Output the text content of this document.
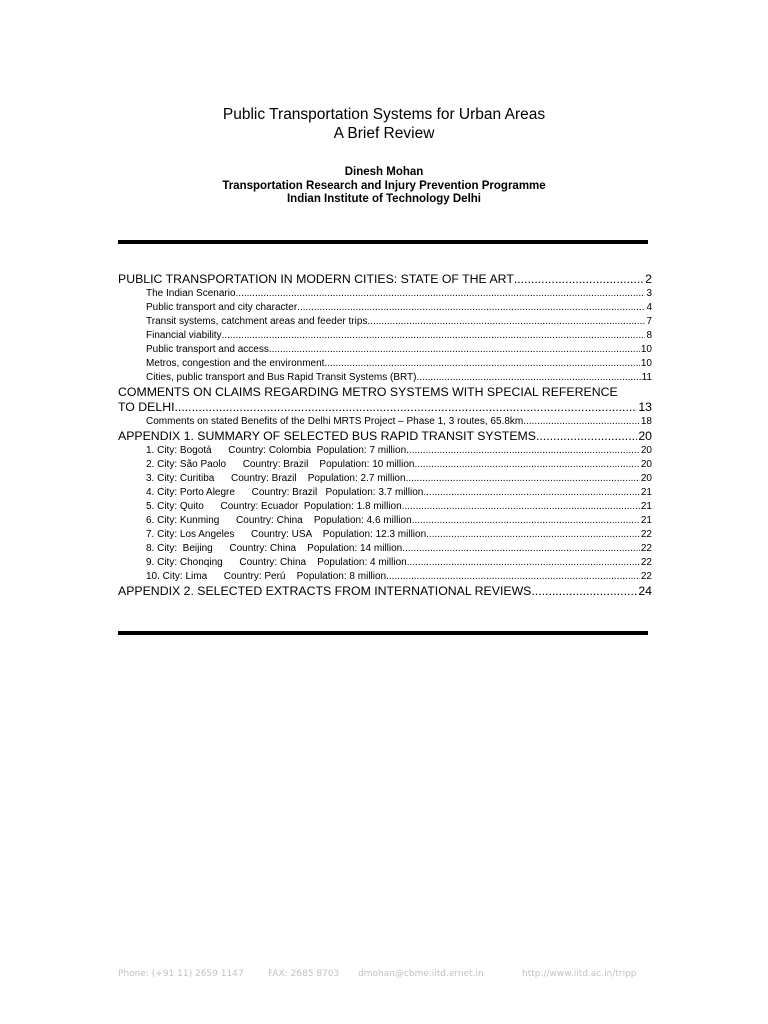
Public Transportation Systems for Urban Areas
A Brief Review
Dinesh Mohan
Transportation Research and Injury Prevention Programme
Indian Institute of Technology Delhi
PUBLIC TRANSPORTATION IN MODERN CITIES: STATE OF THE ART .....	2
The Indian Scenario .....	3
Public transport and city character .....	4
Transit systems, catchment areas and feeder trips .....	7
Financial viability .....	8
Public transport and access .....	10
Metros, congestion and the environment .....	10
Cities, public transport and Bus Rapid Transit Systems (BRT) .....	11
COMMENTS ON CLAIMS REGARDING METRO SYSTEMS WITH SPECIAL REFERENCE
TO DELHI .....	13
Comments on stated Benefits of the Delhi MRTS Project – Phase 1, 3 routes, 65.8km. .....	18
APPENDIX 1. SUMMARY OF SELECTED BUS RAPID TRANSIT SYSTEMS .....	20
1. City: Bogotá      Country: Colombia  Population: 7 million .....	20
2. City: São Paolo      Country: Brazil    Population: 10 million .....	20
3. City: Curitiba      Country: Brazil    Population: 2.7 million .....	20
4. City: Porto Alegre      Country: Brazil   Population: 3.7 million .....	21
5. City: Quito      Country: Ecuador  Population: 1.8 million .....	21
6. City: Kunming      Country: China    Population: 4.6 million .....	21
7. City: Los Angeles      Country: USA    Population: 12.3 million .....	22
8. City:  Beijing      Country: China    Population: 14 million .....	22
9. City: Chonqing      Country: China    Population: 4 million .....	22
10. City: Lima      Country: Perú    Population: 8 million .....	22
APPENDIX 2. SELECTED EXTRACTS FROM INTERNATIONAL REVIEWS .....	24
Phone: (+91 11) 2659 1147	FAX: 2685 8703 dmohan@cbme.iitd.ernet.in	http://www.iitd.ac.in/tripp
